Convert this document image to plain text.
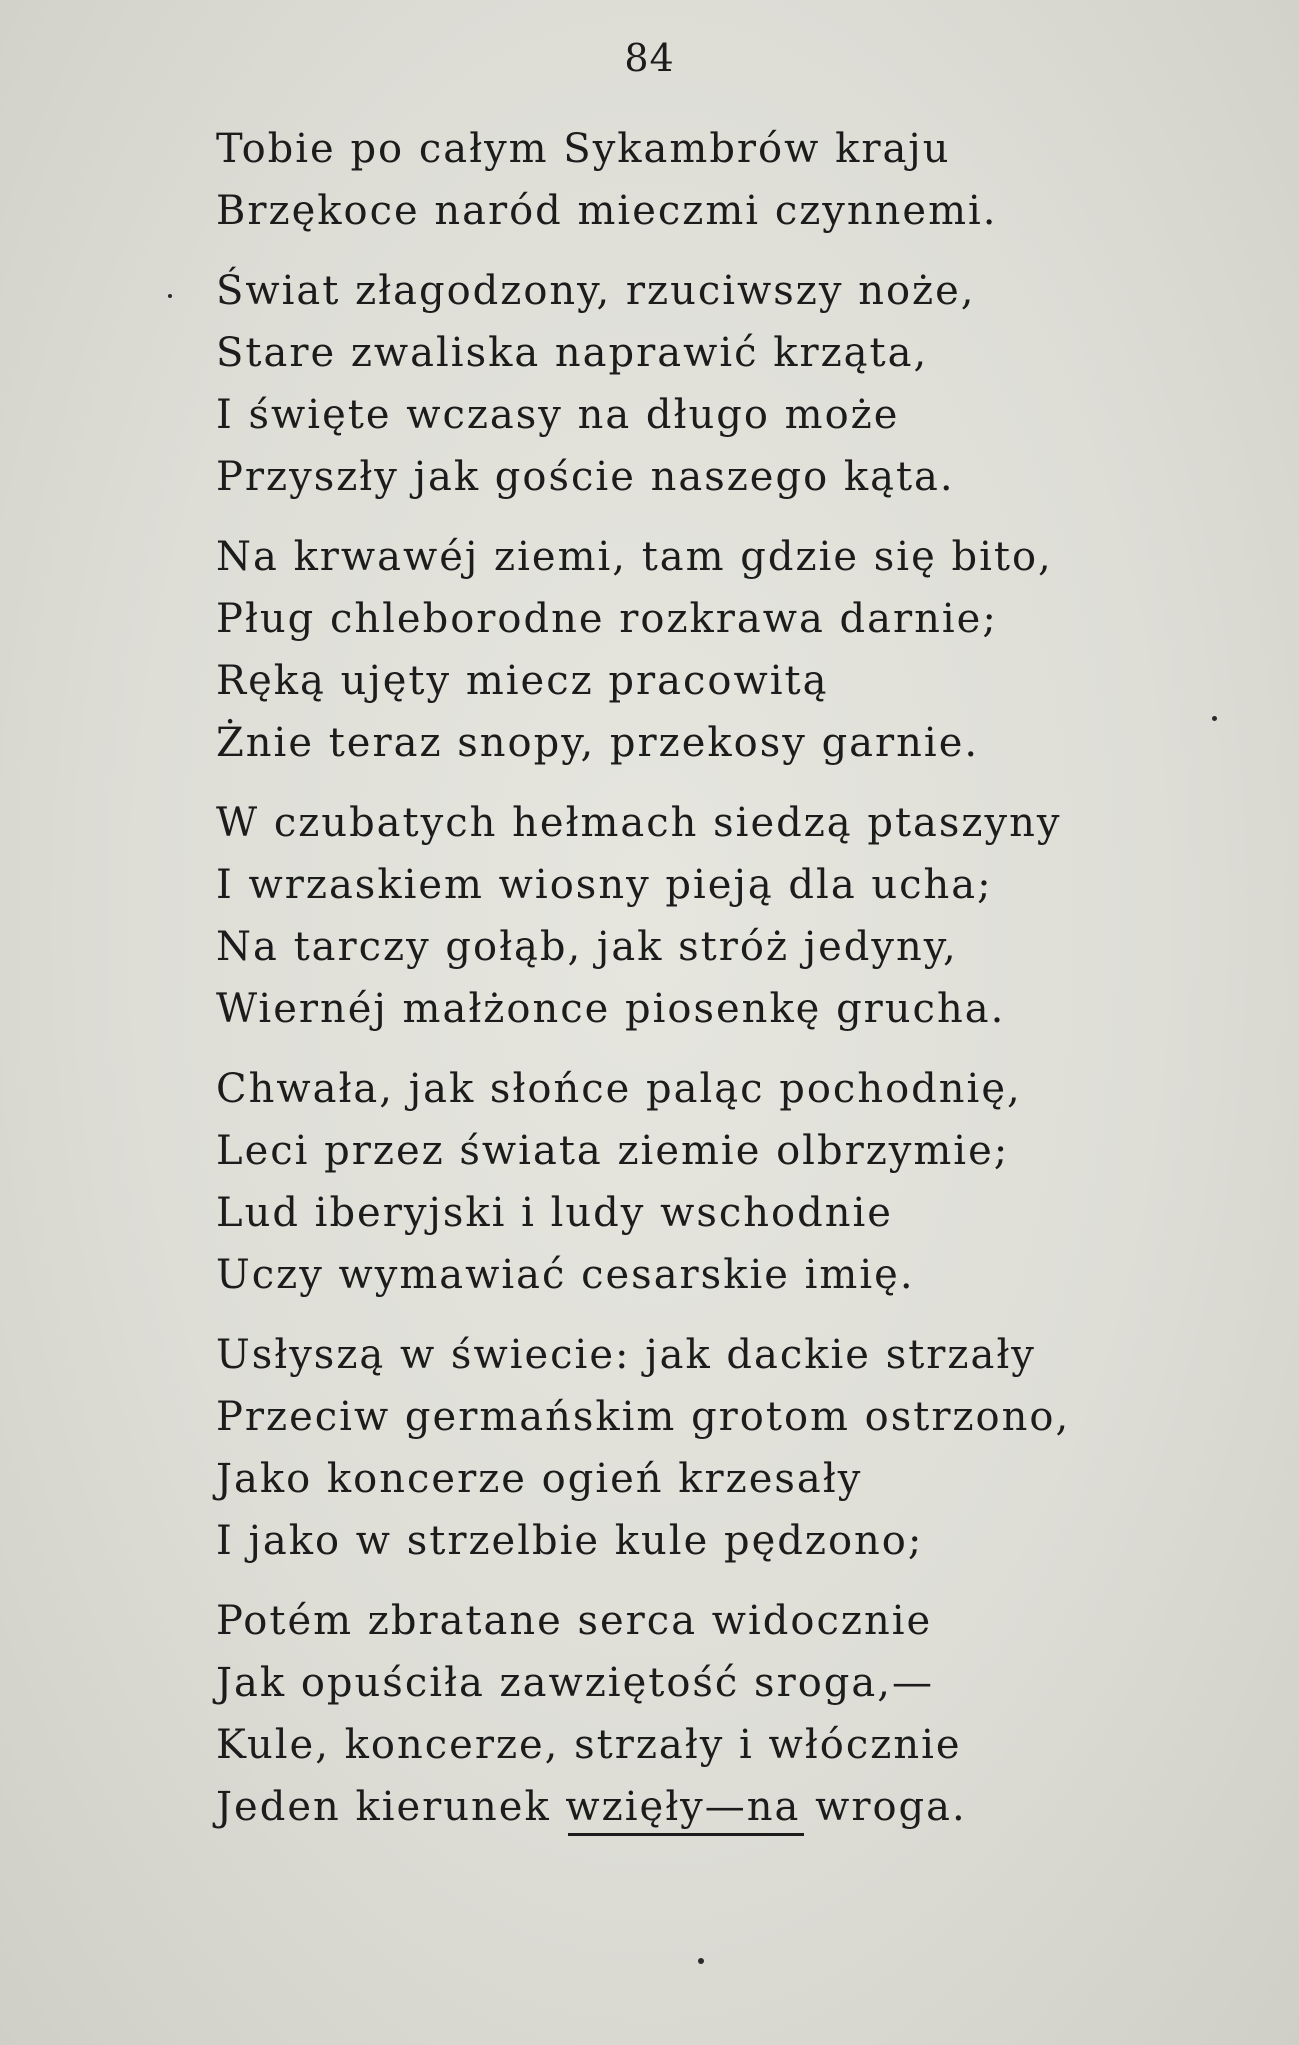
84
Tobie po całym Sykambrów kraju
Brzękoce naród mieczmi czynnemi.
Świat złagodzony, rzuciwszy noże,
Stare zwaliska naprawić krząta,
I święte wczasy na długo może
Przyszły jak goście naszego kąta.
Na krwawéj ziemi, tam gdzie się bito,
Pług chleborodne rozkrawa darnie;
Ręką ujęty miecz pracowitą
Żnie teraz snopy, przekosy garnie.
W czubatych hełmach siedzą ptaszyny
I wrzaskiem wiosny pieją dla ucha;
Na tarczy gołąb, jak stróż jedyny,
Wiernéj małżonce piosenkę grucha.
Chwała, jak słońce paląc pochodnię,
Leci przez świata ziemie olbrzymie;
Lud iberyjski i ludy wschodnie
Uczy wymawiać cesarskie imię.
Usłyszą w świecie: jak dackie strzały
Przeciw germańskim grotom ostrzono,
Jako koncerze ogień krzesały
I jako w strzelbie kule pędzono;
Potém zbratane serca widocznie
Jak opuściła zawziętość sroga,—
Kule, koncerze, strzały i włócznie
Jeden kierunek wzięły—na wroga.
